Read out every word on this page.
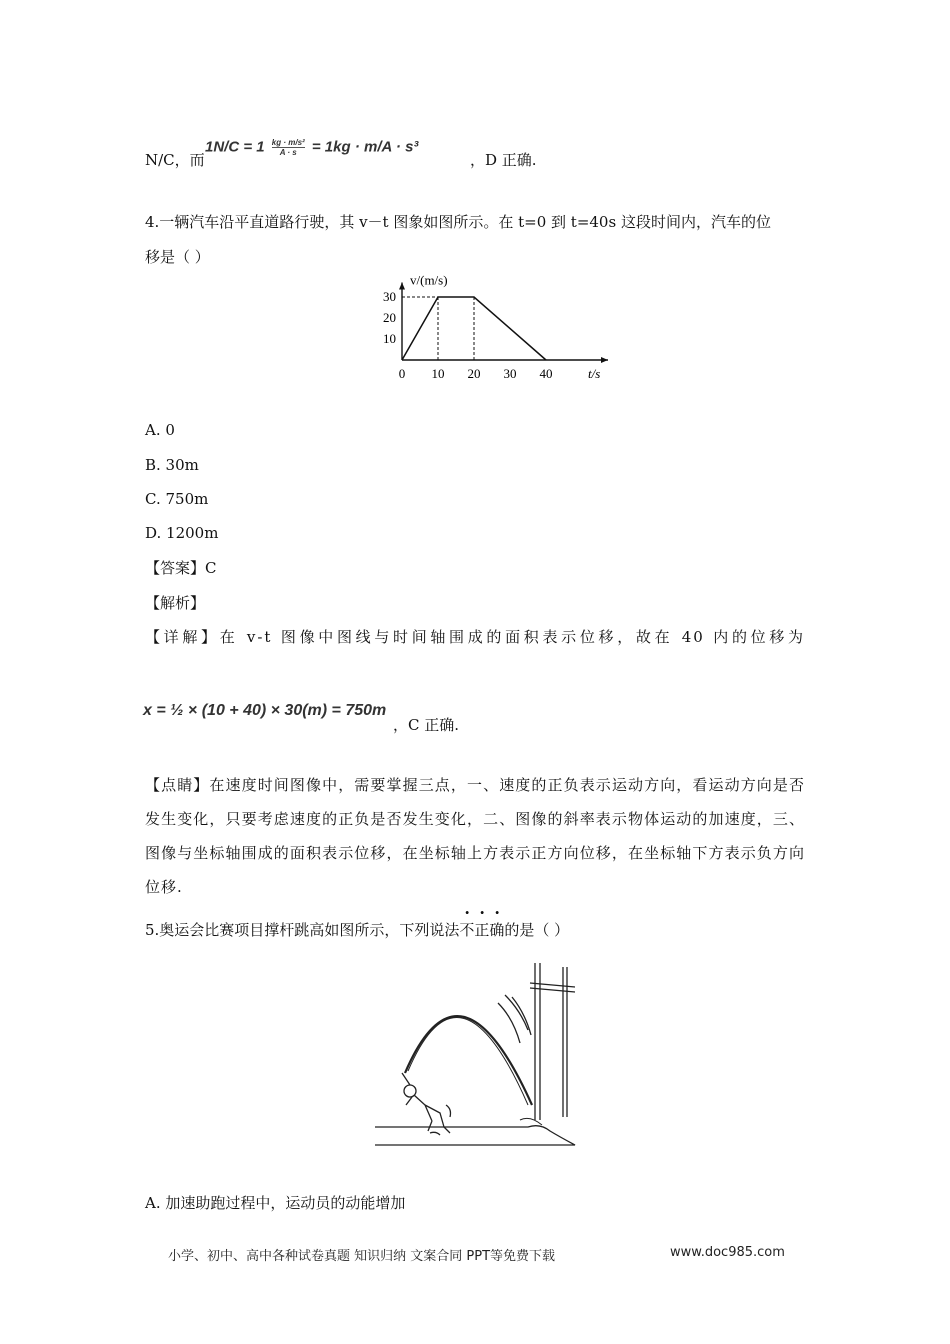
N/C，而
$1N/C = 1 \frac{\text{kg · m/s²}}{A \cdot s} = 1kg \cdot m/A \cdot s^3$
，D 正确.
4.一辆汽车沿平直道路行驶，其 v－t 图象如图所示。在 t=0 到 t=40s 这段时间内，汽车的位
移是（ ）
0 10 20 30 40
10
20
30
t/s
v/(m/s)
A. 0
B. 30m
C. 750m
D. 1200m
【答案】C
【解析】
【详解】在 v-t 图像中图线与时间轴围成的面积表示位移，故在 40 内的位移为
x = ½ × (10 + 40) × 30(m) = 750m
，C 正确.
【点睛】在速度时间图像中，需要掌握三点，一、速度的正负表示运动方向，看运动方向是否发生变化，只要考虑速度的正负是否发生变化，二、图像的斜率表示物体运动的加速度，三、图像与坐标轴围成的面积表示位移，在坐标轴上方表示正方向位移，在坐标轴下方表示负方向位移.
5.奥运会比赛项目撑杆跳高如图所示，下列说法不正确的是（ ）
A. 加速助跑过程中，运动员的动能增加
小学、初中、高中各种试卷真题 知识归纳 文案合同 PPT等免费下载	www.doc985.com
